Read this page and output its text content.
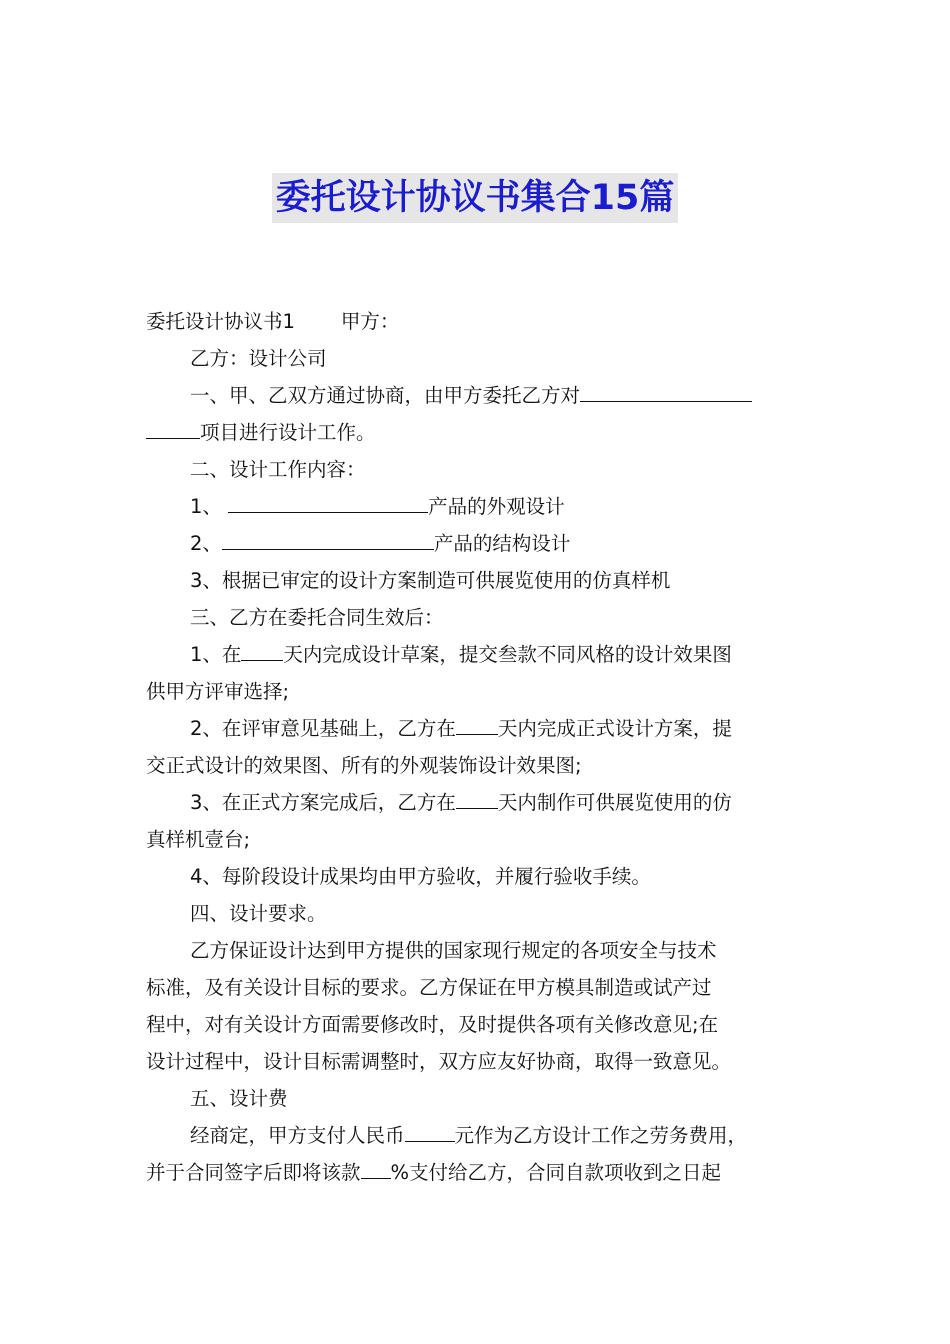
委托设计协议书集合15篇
委托设计协议书1 甲方：
乙方：设计公司
一、甲、乙双方通过协商，由甲方委托乙方对
项目进行设计工作。
二、设计工作内容：
1、	产品的外观设计
2、	产品的结构设计
3、根据已审定的设计方案制造可供展览使用的仿真样机
三、乙方在委托合同生效后：
1、在 天内完成设计草案，提交叁款不同风格的设计效果图
供甲方评审选择;
2、在评审意见基础上，乙方在 天内完成正式设计方案，提
交正式设计的效果图、所有的外观装饰设计效果图;
3、在正式方案完成后，乙方在 天内制作可供展览使用的仿
真样机壹台;
4、每阶段设计成果均由甲方验收，并履行验收手续。
四、设计要求。
乙方保证设计达到甲方提供的国家现行规定的各项安全与技术
标准，及有关设计目标的要求。乙方保证在甲方模具制造或试产过
程中，对有关设计方面需要修改时，及时提供各项有关修改意见;在
设计过程中，设计目标需调整时，双方应友好协商，取得一致意见。
五、设计费
经商定，甲方支付人民币	元作为乙方设计工作之劳务费用，
并于合同签字后即将该款 %支付给乙方，合同自款项收到之日起
